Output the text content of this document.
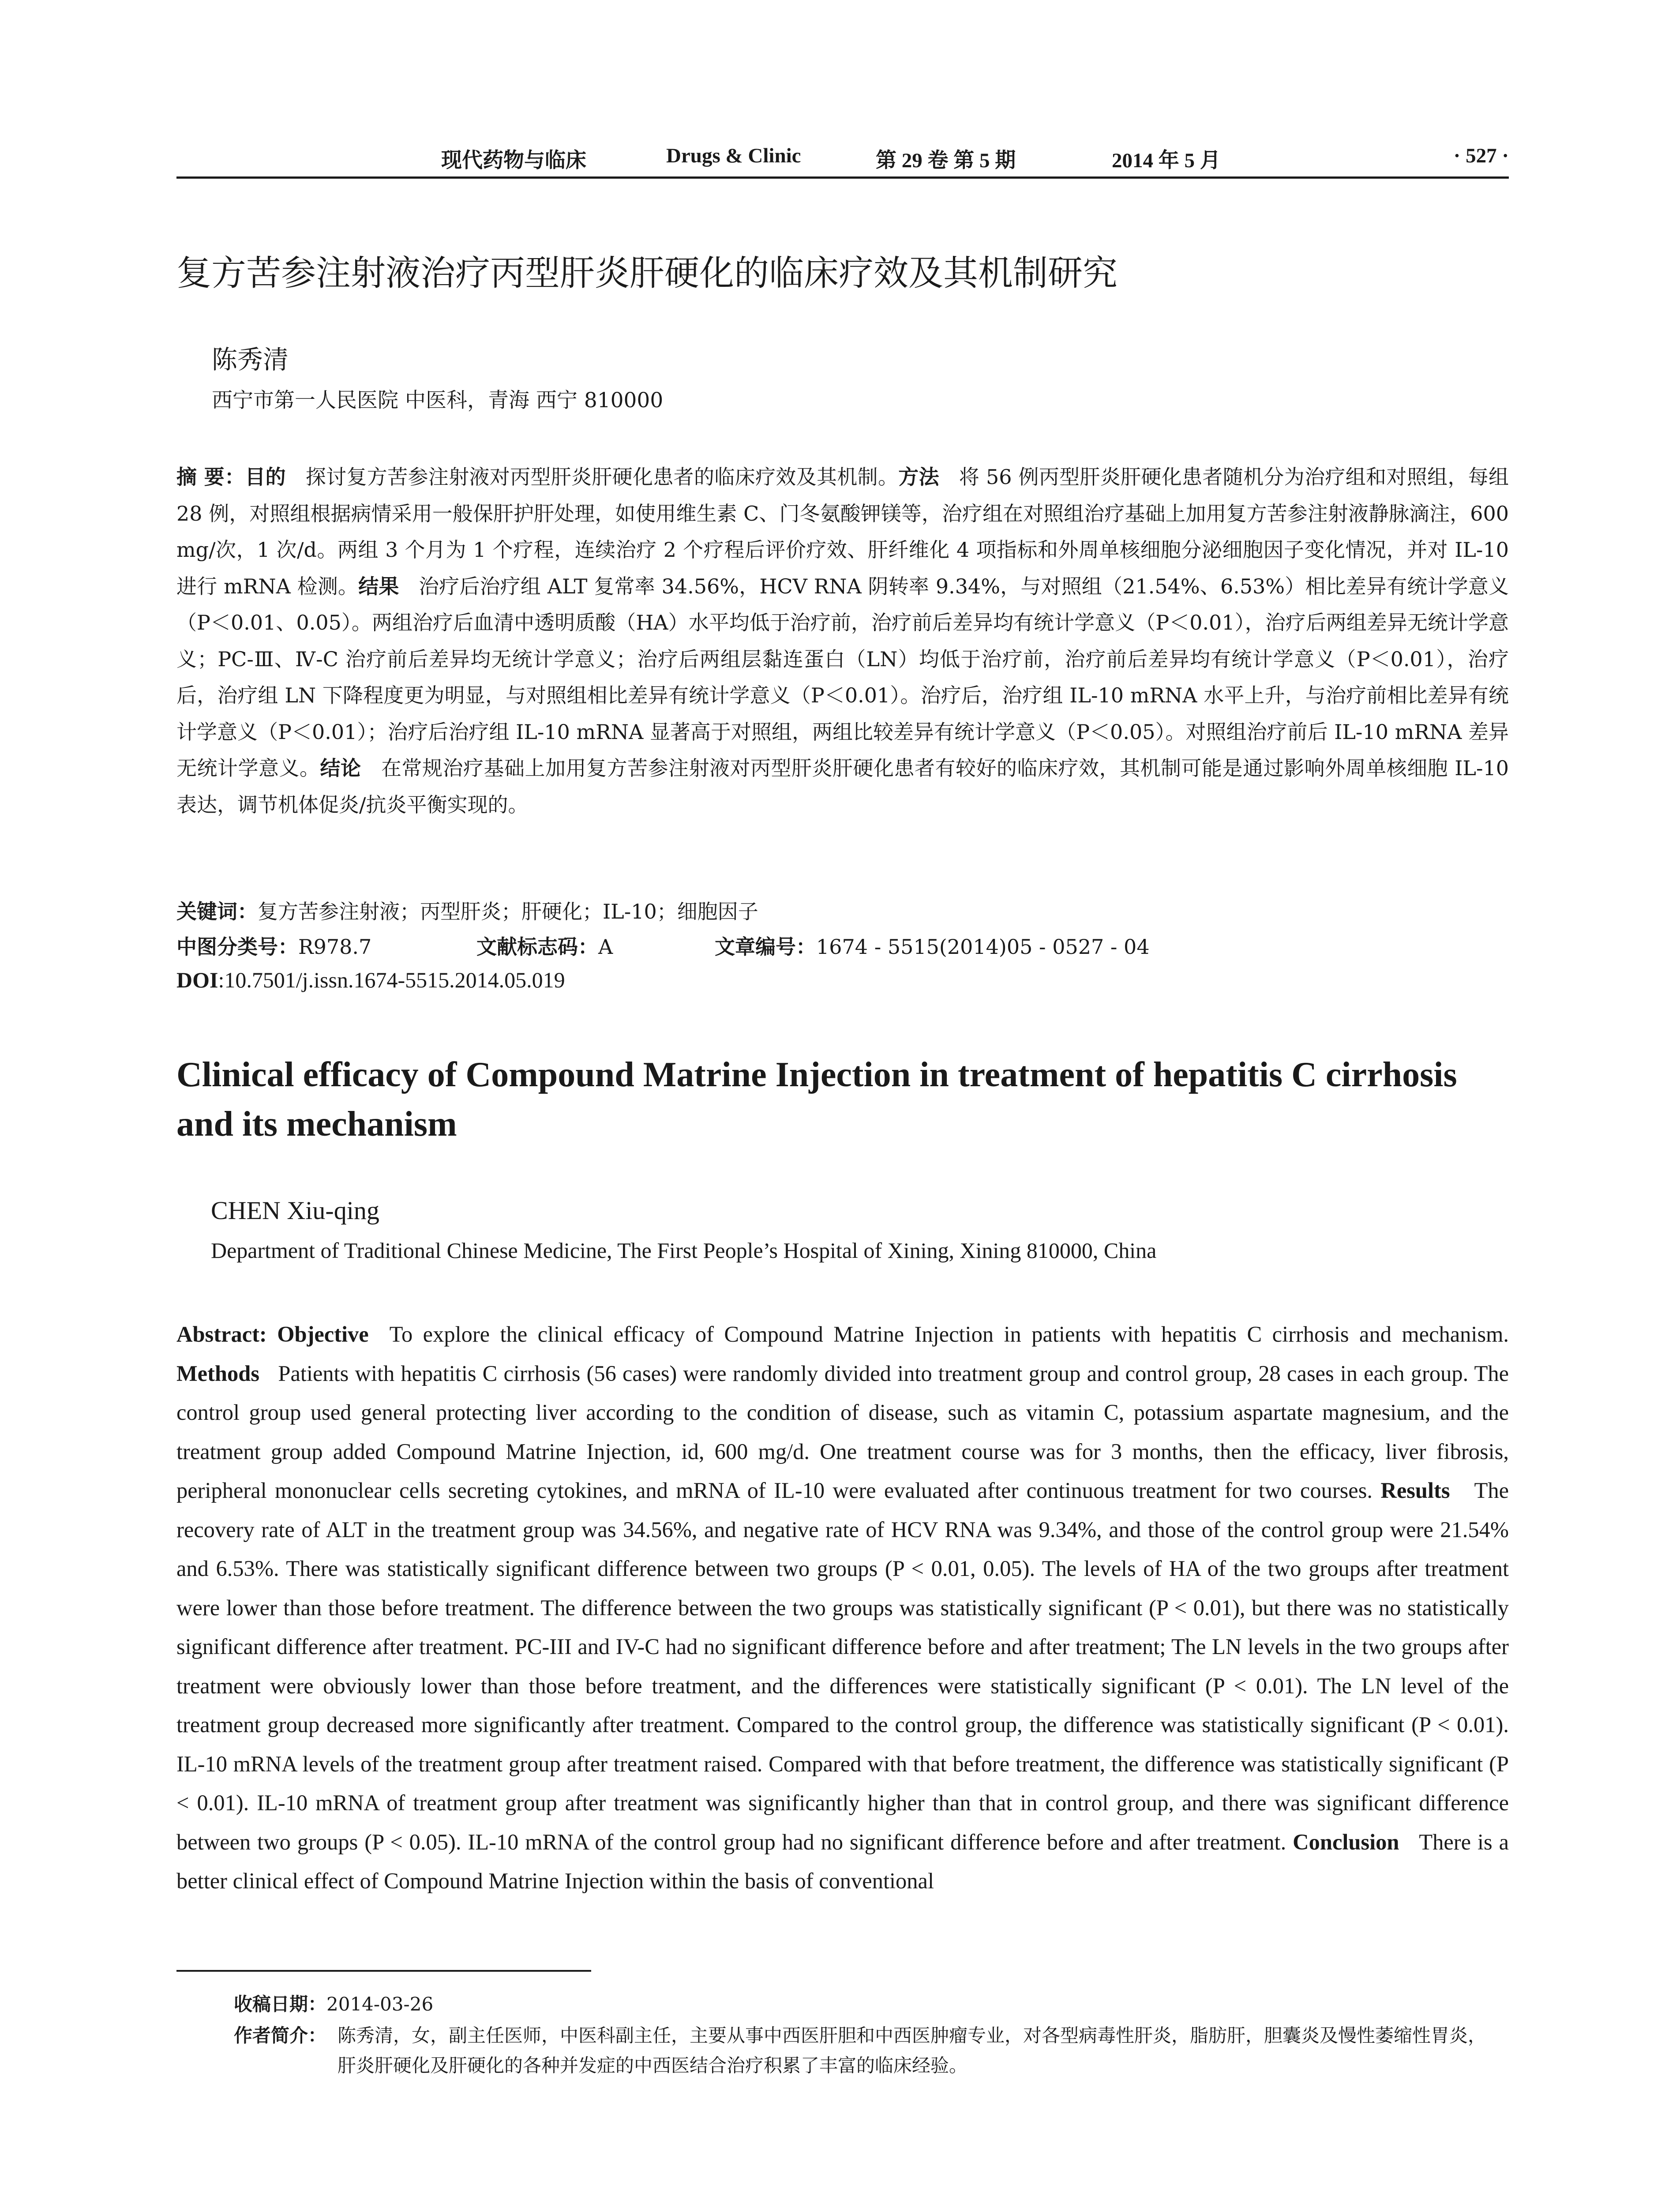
现代药物与临床	Drugs & Clinic	第 29 卷 第 5 期	2014 年 5 月	· 527 ·
复方苦参注射液治疗丙型肝炎肝硬化的临床疗效及其机制研究
陈秀清
西宁市第一人民医院 中医科，青海 西宁 810000

摘 要：目的 探讨复方苦参注射液对丙型肝炎肝硬化患者的临床疗效及其机制。方法 将 56 例丙型肝炎肝硬化患者随机分为治疗组和对照组，每组 28 例，对照组根据病情采用一般保肝护肝处理，如使用维生素 C、门冬氨酸钾镁等，治疗组在对照组治疗基础上加用复方苦参注射液静脉滴注，600 mg/次，1 次/d。两组 3 个月为 1 个疗程，连续治疗 2 个疗程后评价疗效、肝纤维化 4 项指标和外周单核细胞分泌细胞因子变化情况，并对 IL-10 进行 mRNA 检测。结果 治疗后治疗组 ALT 复常率 34.56%，HCV RNA 阴转率 9.34%，与对照组（21.54%、6.53%）相比差异有统计学意义（P＜0.01、0.05）。两组治疗后血清中透明质酸（HA）水平均低于治疗前，治疗前后差异均有统计学意义（P＜0.01），治疗后两组差异无统计学意义；PC-Ⅲ、Ⅳ-C 治疗前后差异均无统计学意义；治疗后两组层黏连蛋白（LN）均低于治疗前，治疗前后差异均有统计学意义（P＜0.01），治疗后，治疗组 LN 下降程度更为明显，与对照组相比差异有统计学意义（P＜0.01）。治疗后，治疗组 IL-10 mRNA 水平上升，与治疗前相比差异有统计学意义（P＜0.01）；治疗后治疗组 IL-10 mRNA 显著高于对照组，两组比较差异有统计学意义（P＜0.05）。对照组治疗前后 IL-10 mRNA 差异无统计学意义。结论 在常规治疗基础上加用复方苦参注射液对丙型肝炎肝硬化患者有较好的临床疗效，其机制可能是通过影响外周单核细胞 IL-10 表达，调节机体促炎/抗炎平衡实现的。

关键词：复方苦参注射液；丙型肝炎；肝硬化；IL-10；细胞因子
中图分类号：R978.7	文献标志码：A	文章编号：1674 - 5515(2014)05 - 0527 - 04
DOI:10.7501/j.issn.1674-5515.2014.05.019
Clinical efficacy of Compound Matrine Injection in treatment of hepatitis C cirrhosis and its mechanism
CHEN Xiu-qing
Department of Traditional Chinese Medicine, The First People’s Hospital of Xining, Xining 810000, China

Abstract: Objective To explore the clinical efficacy of Compound Matrine Injection in patients with hepatitis C cirrhosis and mechanism. Methods Patients with hepatitis C cirrhosis (56 cases) were randomly divided into treatment group and control group, 28 cases in each group. The control group used general protecting liver according to the condition of disease, such as vitamin C, potassium aspartate magnesium, and the treatment group added Compound Matrine Injection, id, 600 mg/d. One treatment course was for 3 months, then the efficacy, liver fibrosis, peripheral mononuclear cells secreting cytokines, and mRNA of IL-10 were evaluated after continuous treatment for two courses. Results The recovery rate of ALT in the treatment group was 34.56%, and negative rate of HCV RNA was 9.34%, and those of the control group were 21.54% and 6.53%. There was statistically significant difference between two groups (P < 0.01, 0.05). The levels of HA of the two groups after treatment were lower than those before treatment. The difference between the two groups was statistically significant (P < 0.01), but there was no statistically significant difference after treatment. PC-III and IV-C had no significant difference before and after treatment; The LN levels in the two groups after treatment were obviously lower than those before treatment, and the differences were statistically significant (P < 0.01). The LN level of the treatment group decreased more significantly after treatment. Compared to the control group, the difference was statistically significant (P < 0.01). IL-10 mRNA levels of the treatment group after treatment raised. Compared with that before treatment, the difference was statistically significant (P < 0.01). IL-10 mRNA of treatment group after treatment was significantly higher than that in control group, and there was significant difference between two groups (P < 0.05). IL-10 mRNA of the control group had no significant difference before and after treatment. Conclusion There is a better clinical effect of Compound Matrine Injection within the basis of conventional

收稿日期：2014-03-26

作者简介： 陈秀清，女，副主任医师，中医科副主任，主要从事中西医肝胆和中西医肿瘤专业，对各型病毒性肝炎，脂肪肝，胆囊炎及慢性萎缩性胃炎，肝炎肝硬化及肝硬化的各种并发症的中西医结合治疗积累了丰富的临床经验。
